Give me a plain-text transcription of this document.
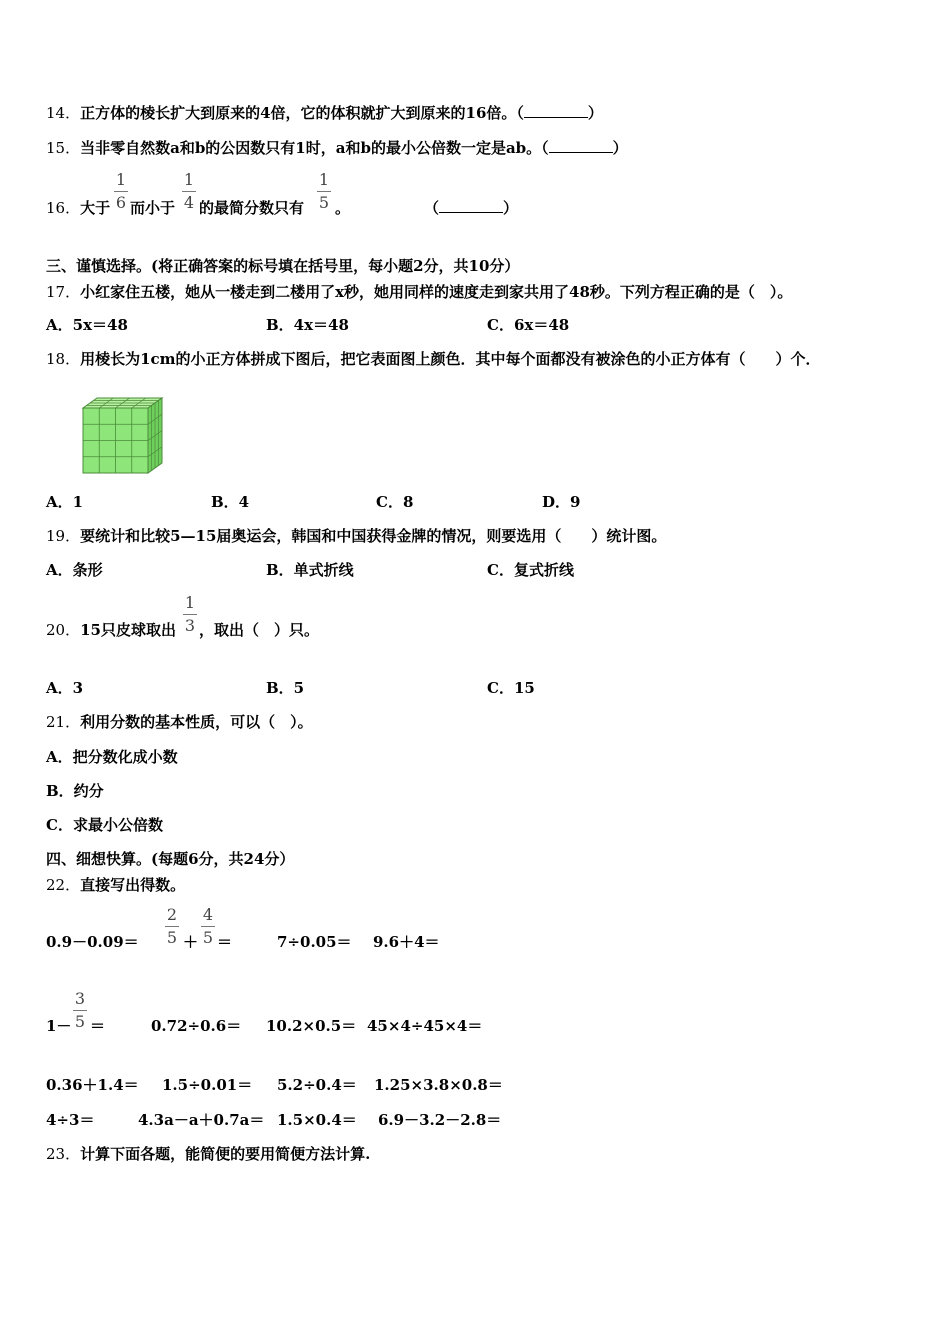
14．正方体的棱长扩大到原来的4倍，它的体积就扩大到原来的16倍。（	）
15．当非零自然数a和b的公因数只有1时，a和b的最小公倍数一定是ab。（	）
16．大于
1
6 而小于
1
4 的最简分数只有
1
5 。	（	）
三、谨慎选择。(将正确答案的标号填在括号里，每小题2分，共10分）
17．小红家住五楼，她从一楼走到二楼用了x秒，她用同样的速度走到家共用了48秒。下列方程正确的是（　）。
A．5x＝48	B．4x＝48	C．6x＝48
18．用棱长为1cm的小正方体拼成下图后，把它表面图上颜色．其中每个面都没有被涂色的小正方体有（　　）个．
A．1	B．4	C．8	D．9
19．要统计和比较5—15届奥运会，韩国和中国获得金牌的情况，则要选用（　　）统计图。
A．条形	B．单式折线	C．复式折线
20．15只皮球取出
1
3 ，取出（　）只。
A．3	B．5	C．15
21．利用分数的基本性质，可以（　）。
A．把分数化成小数
B．约分
C．求最小公倍数
四、细想快算。(每题6分，共24分）
22．直接写出得数。
0.9－0.09＝
2
5 ＋
4
5 ＝	7÷0.05＝ 9.6＋4＝
1－
3
5 ＝	0.72÷0.6＝ 10.2×0.5＝ 45×4÷45×4＝
0.36＋1.4＝ 1.5÷0.01＝ 5.2÷0.4＝ 1.25×3.8×0.8＝
4÷3＝	4.3a－a＋0.7a＝ 1.5×0.4＝ 6.9－3.2－2.8＝
23．计算下面各题，能简便的要用简便方法计算.
